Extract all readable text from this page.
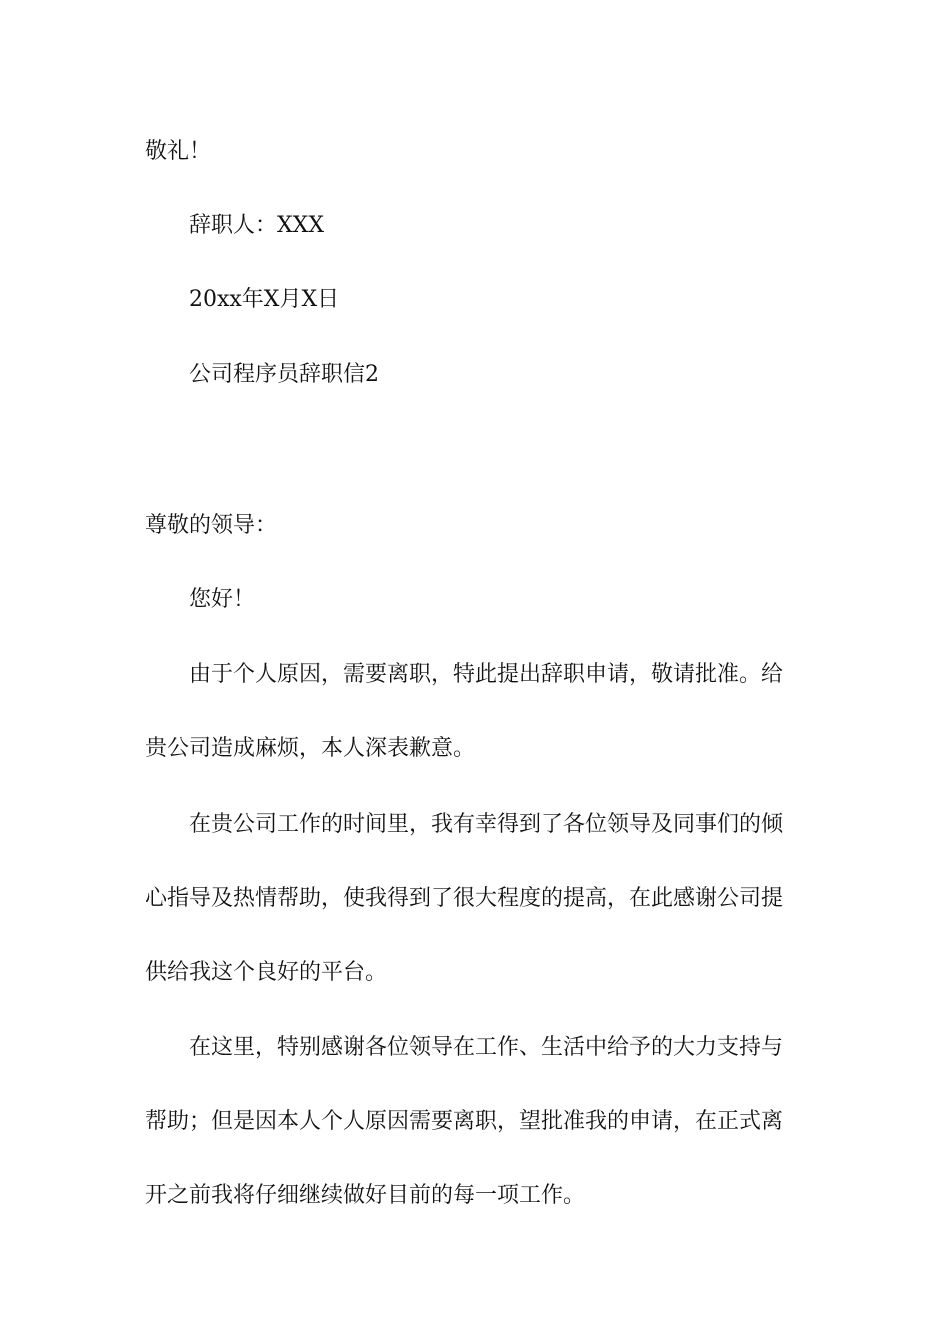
敬礼！
辞职人：XXX
20xx年X月X日
公司程序员辞职信2
尊敬的领导：
您好！
由于个人原因，需要离职，特此提出辞职申请，敬请批准。给
贵公司造成麻烦，本人深表歉意。
在贵公司工作的时间里，我有幸得到了各位领导及同事们的倾
心指导及热情帮助，使我得到了很大程度的提高，在此感谢公司提
供给我这个良好的平台。
在这里，特别感谢各位领导在工作、生活中给予的大力支持与
帮助；但是因本人个人原因需要离职，望批准我的申请，在正式离
开之前我将仔细继续做好目前的每一项工作。
